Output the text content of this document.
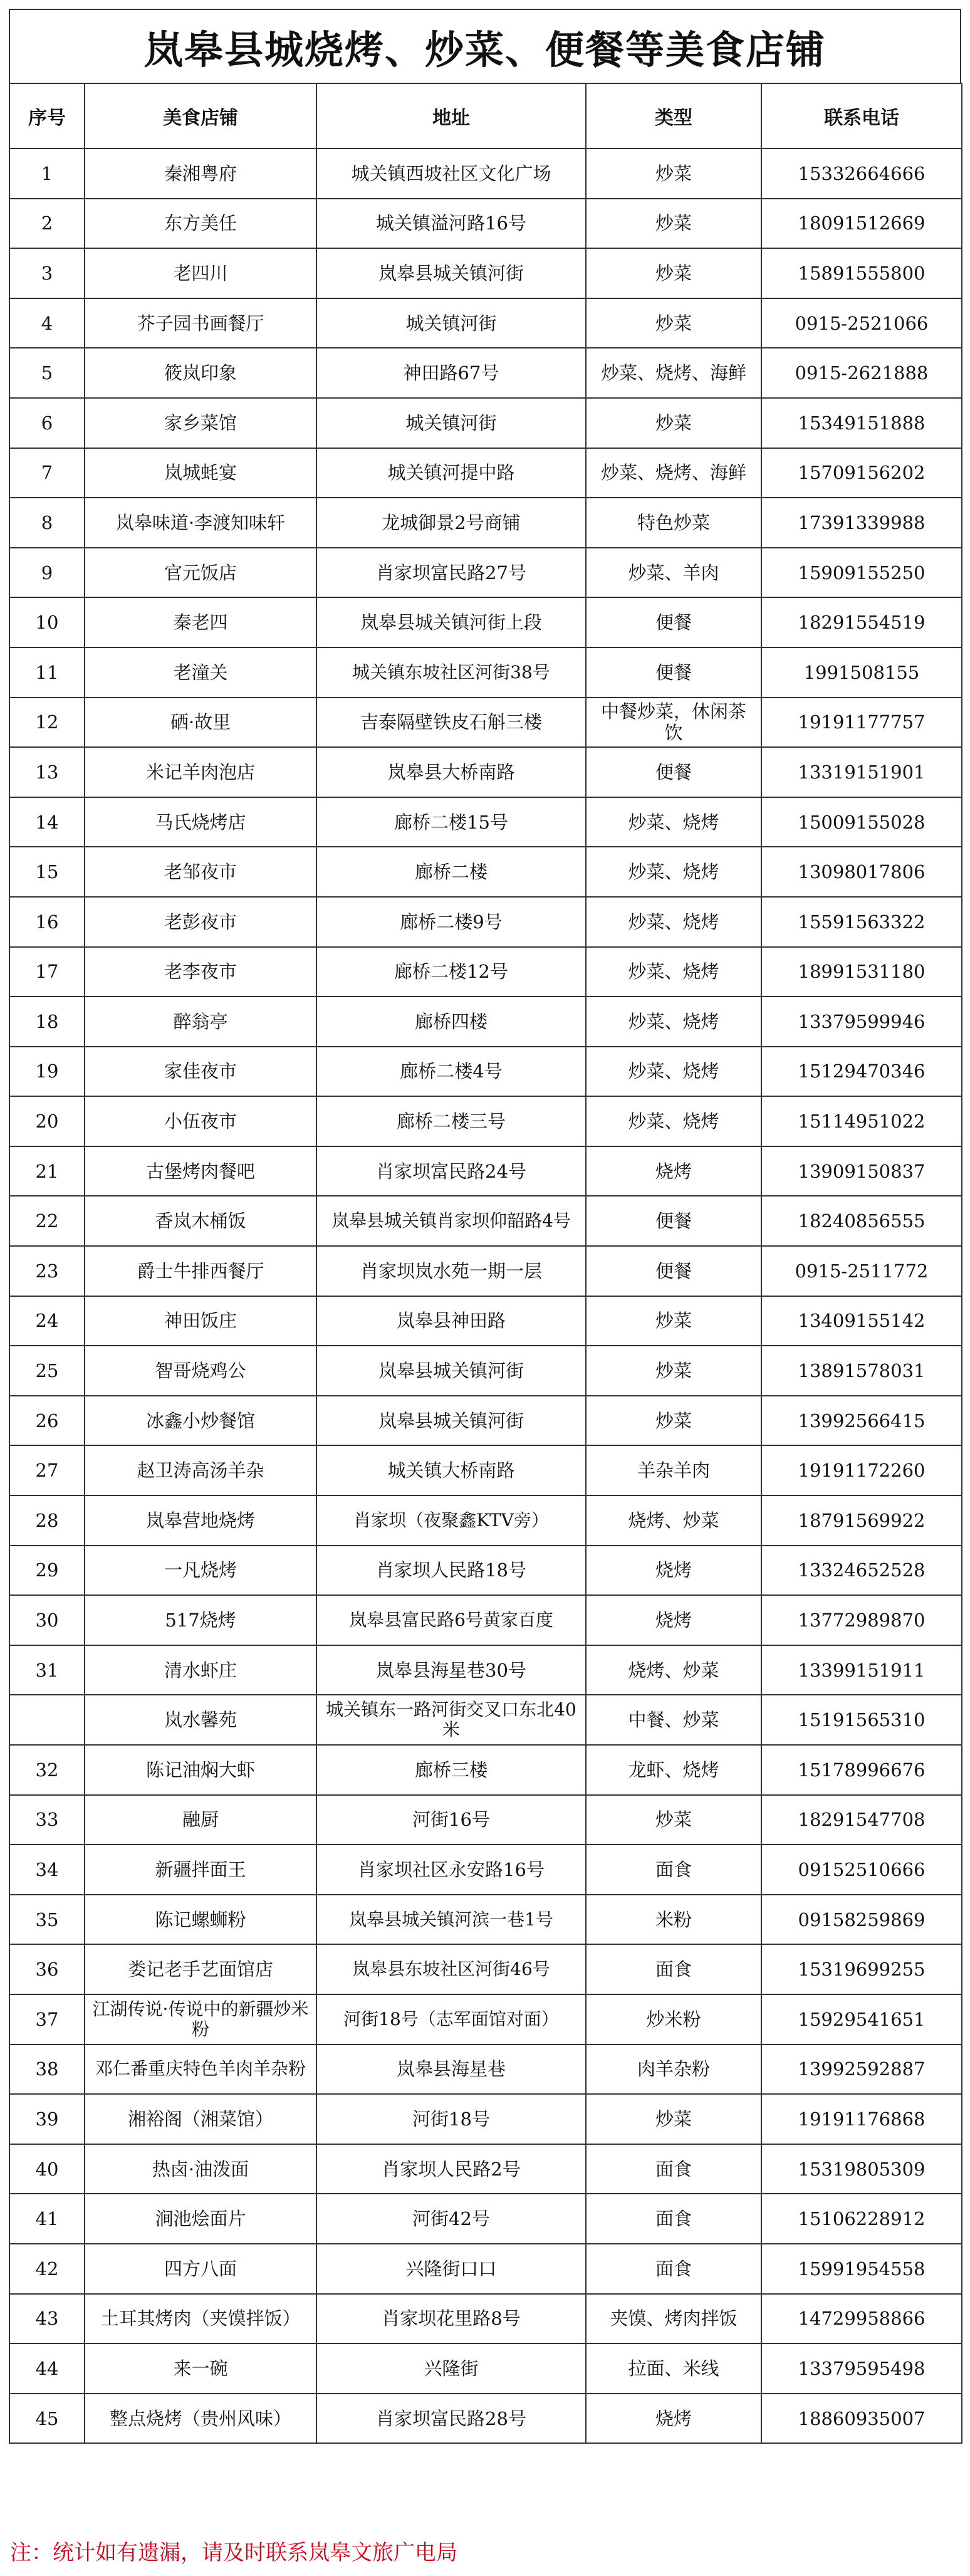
岚皋县城烧烤、炒菜、便餐等美食店铺
序号	美食店铺	地址	类型	联系电话
1	秦湘粤府	城关镇西坡社区文化广场	炒菜	15332664666
2	东方美任	城关镇溢河路16号	炒菜	18091512669
3	老四川	岚皋县城关镇河街	炒菜	15891555800
4	芥子园书画餐厅	城关镇河街	炒菜	0915-2521066
5	筱岚印象	神田路67号	炒菜、烧烤、海鲜	0915-2621888
6	家乡菜馆	城关镇河街	炒菜	15349151888
7	岚城蚝宴	城关镇河提中路	炒菜、烧烤、海鲜	15709156202
8	岚皋味道·李渡知味轩	龙城御景2号商铺	特色炒菜	17391339988
9	官元饭店	肖家坝富民路27号	炒菜、羊肉	15909155250
10	秦老四	岚皋县城关镇河街上段	便餐	18291554519
11	老潼关	城关镇东坡社区河街38号	便餐	1991508155
12	硒·故里	吉泰隔壁铁皮石斛三楼	中餐炒菜，休闲茶饮	19191177757
13	米记羊肉泡店	岚皋县大桥南路	便餐	13319151901
14	马氏烧烤店	廊桥二楼15号	炒菜、烧烤	15009155028
15	老邹夜市	廊桥二楼	炒菜、烧烤	13098017806
16	老彭夜市	廊桥二楼9号	炒菜、烧烤	15591563322
17	老李夜市	廊桥二楼12号	炒菜、烧烤	18991531180
18	醉翁亭	廊桥四楼	炒菜、烧烤	13379599946
19	家佳夜市	廊桥二楼4号	炒菜、烧烤	15129470346
20	小伍夜市	廊桥二楼三号	炒菜、烧烤	15114951022
21	古堡烤肉餐吧	肖家坝富民路24号	烧烤	13909150837
22	香岚木桶饭	岚皋县城关镇肖家坝仰韶路4号	便餐	18240856555
23	爵士牛排西餐厅	肖家坝岚水苑一期一层	便餐	0915-2511772
24	神田饭庄	岚皋县神田路	炒菜	13409155142
25	智哥烧鸡公	岚皋县城关镇河街	炒菜	13891578031
26	冰鑫小炒餐馆	岚皋县城关镇河街	炒菜	13992566415
27	赵卫涛高汤羊杂	城关镇大桥南路	羊杂羊肉	19191172260
28	岚皋营地烧烤	肖家坝（夜聚鑫KTV旁）	烧烤、炒菜	18791569922
29	一凡烧烤	肖家坝人民路18号	烧烤	13324652528
30	517烧烤	岚皋县富民路6号黄家百度	烧烤	13772989870
31	清水虾庄	岚皋县海星巷30号	烧烤、炒菜	13399151911
	岚水馨苑	城关镇东一路河街交叉口东北40米	中餐、炒菜	15191565310
32	陈记油焖大虾	廊桥三楼	龙虾、烧烤	15178996676
33	融厨	河街16号	炒菜	18291547708
34	新疆拌面王	肖家坝社区永安路16号	面食	09152510666
35	陈记螺蛳粉	岚皋县城关镇河滨一巷1号	米粉	09158259869
36	娄记老手艺面馆店	岚皋县东坡社区河街46号	面食	15319699255
37	江湖传说·传说中的新疆炒米粉	河街18号（志军面馆对面）	炒米粉	15929541651
38	邓仁番重庆特色羊肉羊杂粉	岚皋县海星巷	肉羊杂粉	13992592887
39	湘裕阁（湘菜馆）	河街18号	炒菜	19191176868
40	热卤·油泼面	肖家坝人民路2号	面食	15319805309
41	涧池烩面片	河街42号	面食	15106228912
42	四方八面	兴隆街口口	面食	15991954558
43	土耳其烤肉（夹馍拌饭）	肖家坝花里路8号	夹馍、烤肉拌饭	14729958866
44	来一碗	兴隆街	拉面、米线	13379595498
45	整点烧烤（贵州风味）	肖家坝富民路28号	烧烤	18860935007
注：统计如有遗漏，请及时联系岚皋文旅广电局
